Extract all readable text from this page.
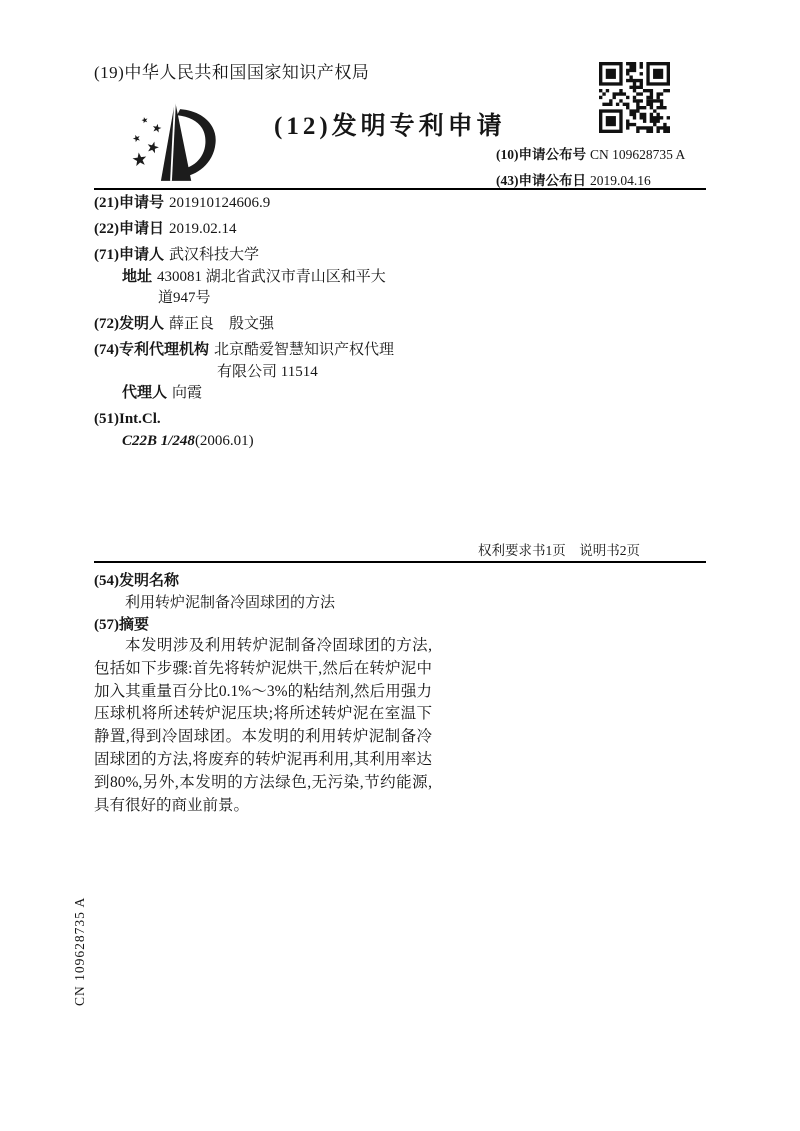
(19)中华人民共和国国家知识产权局
(12)发明专利申请
(10)申请公布号 CN 109628735 A
(43)申请公布日 2019.04.16
(21)申请号 201910124606.9
(22)申请日 2019.02.14
(71)申请人 武汉科技大学
地址 430081 湖北省武汉市青山区和平大
道947号
(72)发明人 薛正良　殷文强
(74)专利代理机构 北京酷爱智慧知识产权代理
有限公司 11514
代理人 向霞
(51)Int.Cl.
C22B 1/248(2006.01)
权利要求书1页　说明书2页
(54)发明名称
利用转炉泥制备冷固球团的方法
(57)摘要
本发明涉及利用转炉泥制备冷固球团的方法,包括如下步骤:首先将转炉泥烘干,然后在转炉泥中加入其重量百分比0.1%～3%的粘结剂,然后用强力压球机将所述转炉泥压块;将所述转炉泥在室温下静置,得到冷固球团。本发明的利用转炉泥制备冷固球团的方法,将废弃的转炉泥再利用,其利用率达到80%,另外,本发明的方法绿色,无污染,节约能源,具有很好的商业前景。
CN 109628735 A
